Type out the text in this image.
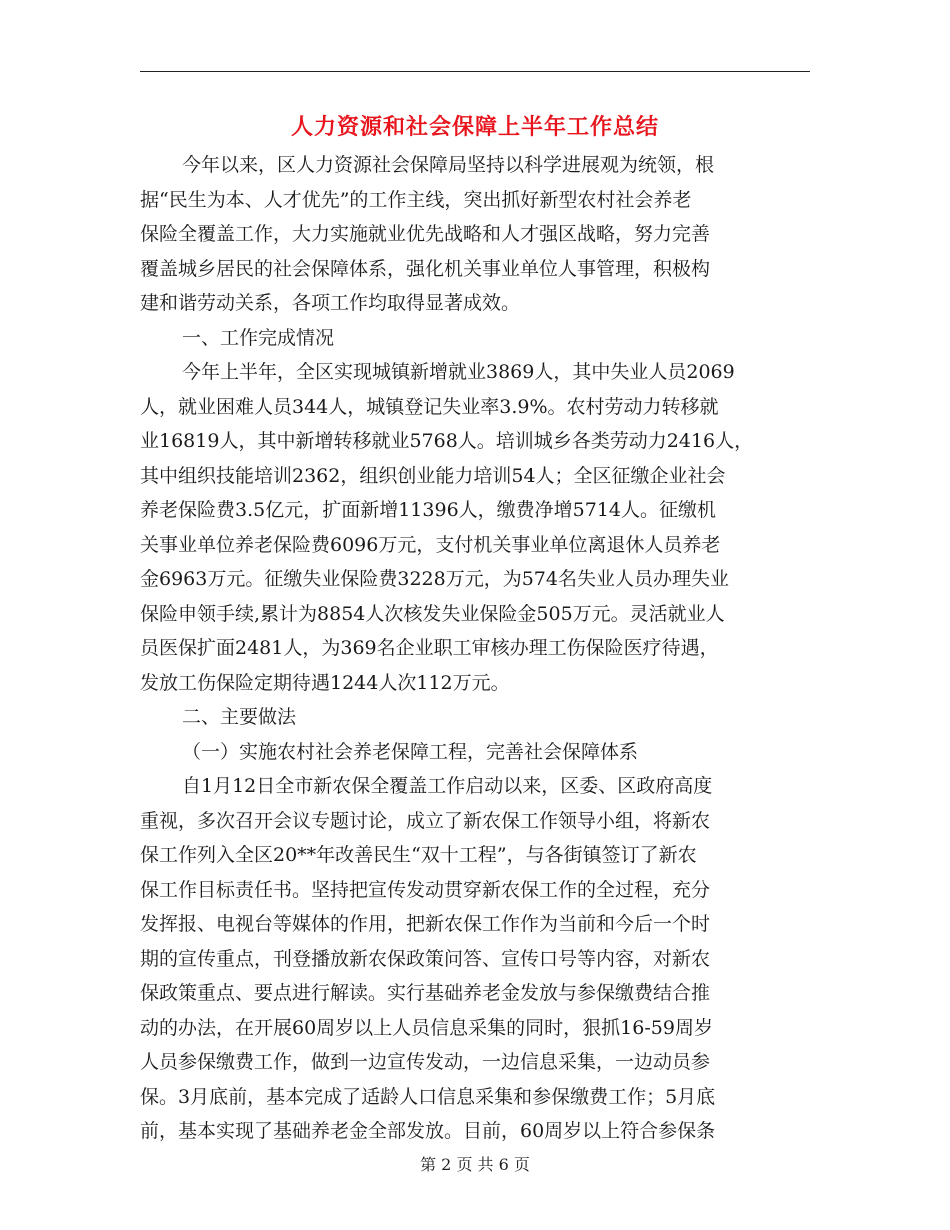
人力资源和社会保障上半年工作总结
今年以来，区人力资源社会保障局坚持以科学进展观为统领，根
据“民生为本、人才优先”的工作主线，突出抓好新型农村社会养老
保险全覆盖工作，大力实施就业优先战略和人才强区战略，努力完善
覆盖城乡居民的社会保障体系，强化机关事业单位人事管理，积极构
建和谐劳动关系，各项工作均取得显著成效。
一、工作完成情况
今年上半年，全区实现城镇新增就业3869人，其中失业人员2069
人，就业困难人员344人，城镇登记失业率3.9%。农村劳动力转移就
业16819人，其中新增转移就业5768人。培训城乡各类劳动力2416人，
其中组织技能培训2362，组织创业能力培训54人；全区征缴企业社会
养老保险费3.5亿元，扩面新增11396人，缴费净增5714人。征缴机
关事业单位养老保险费6096万元，支付机关事业单位离退休人员养老
金6963万元。征缴失业保险费3228万元，为574名失业人员办理失业
保险申领手续,累计为8854人次核发失业保险金505万元。灵活就业人
员医保扩面2481人，为369名企业职工审核办理工伤保险医疗待遇，
发放工伤保险定期待遇1244人次112万元。
二、主要做法
（一）实施农村社会养老保障工程，完善社会保障体系
自1月12日全市新农保全覆盖工作启动以来，区委、区政府高度
重视，多次召开会议专题讨论，成立了新农保工作领导小组，将新农
保工作列入全区20**年改善民生“双十工程”，与各街镇签订了新农
保工作目标责任书。坚持把宣传发动贯穿新农保工作的全过程，充分
发挥报、电视台等媒体的作用，把新农保工作作为当前和今后一个时
期的宣传重点，刊登播放新农保政策问答、宣传口号等内容，对新农
保政策重点、要点进行解读。实行基础养老金发放与参保缴费结合推
动的办法，在开展60周岁以上人员信息采集的同时，狠抓16-59周岁
人员参保缴费工作，做到一边宣传发动，一边信息采集，一边动员参
保。3月底前，基本完成了适龄人口信息采集和参保缴费工作；5月底
前，基本实现了基础养老金全部发放。目前，60周岁以上符合参保条
第 2 页 共 6 页
